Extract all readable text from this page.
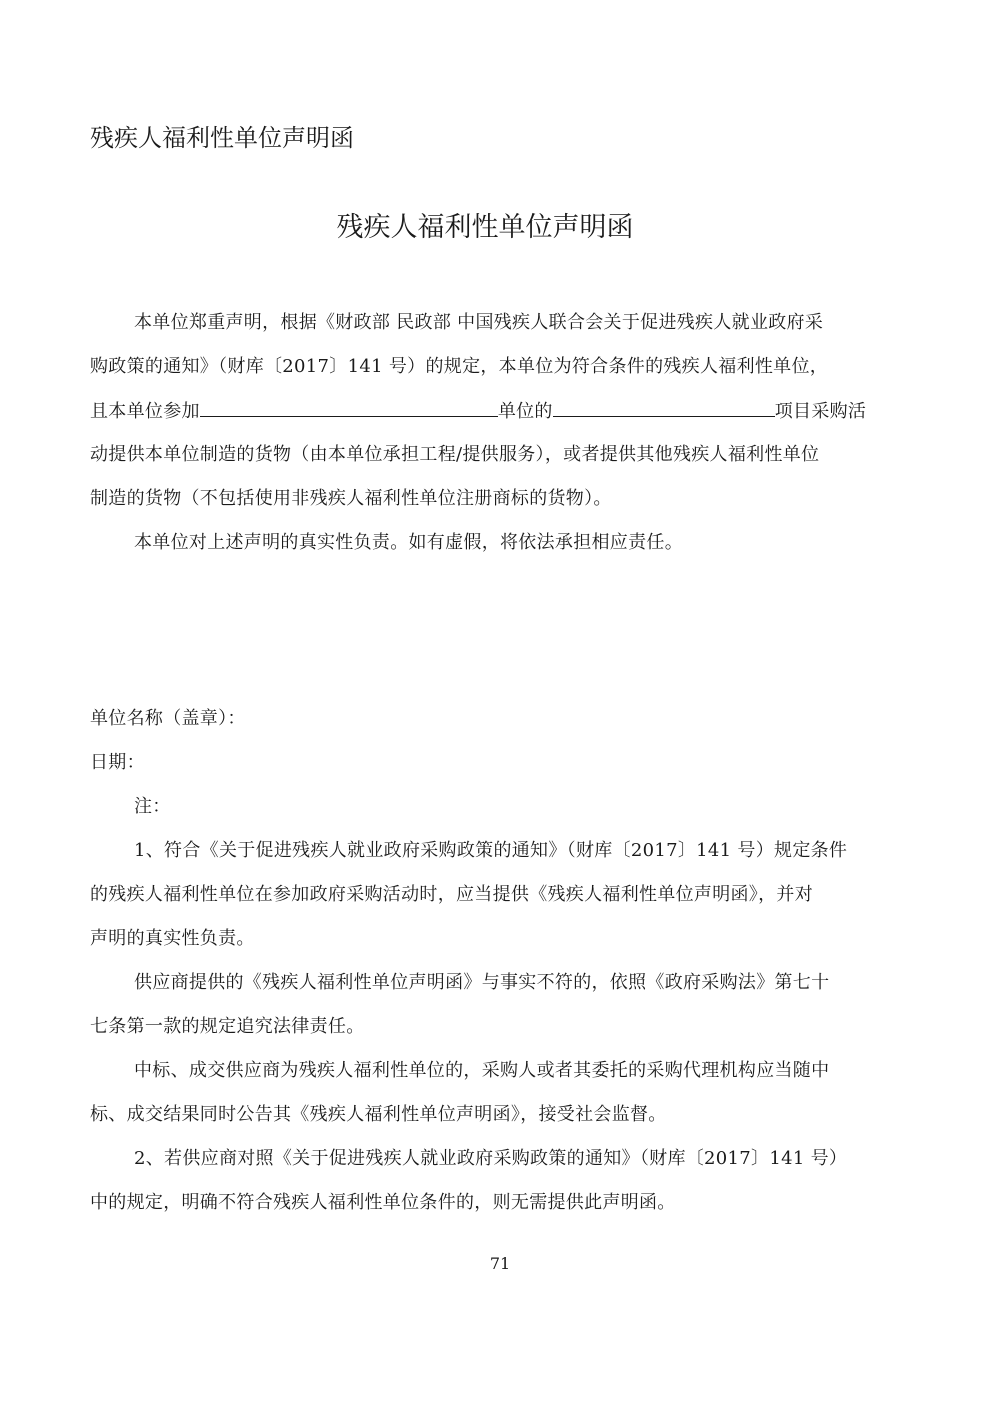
残疾人福利性单位声明函
残疾人福利性单位声明函
本单位郑重声明，根据《财政部 民政部 中国残疾人联合会关于促进残疾人就业政府采
购政策的通知》（财库〔2017〕141 号）的规定，本单位为符合条件的残疾人福利性单位，
且本单位参加	单位的	项目采购活
动提供本单位制造的货物（由本单位承担工程/提供服务），或者提供其他残疾人福利性单位
制造的货物（不包括使用非残疾人福利性单位注册商标的货物）。
本单位对上述声明的真实性负责。如有虚假，将依法承担相应责任。
单位名称（盖章）：
日期：
注：
1、符合《关于促进残疾人就业政府采购政策的通知》（财库〔2017〕141 号）规定条件
的残疾人福利性单位在参加政府采购活动时，应当提供《残疾人福利性单位声明函》，并对
声明的真实性负责。
供应商提供的《残疾人福利性单位声明函》与事实不符的，依照《政府采购法》第七十
七条第一款的规定追究法律责任。
中标、成交供应商为残疾人福利性单位的，采购人或者其委托的采购代理机构应当随中
标、成交结果同时公告其《残疾人福利性单位声明函》，接受社会监督。
2、若供应商对照《关于促进残疾人就业政府采购政策的通知》（财库〔2017〕141 号）
中的规定，明确不符合残疾人福利性单位条件的，则无需提供此声明函。
71
